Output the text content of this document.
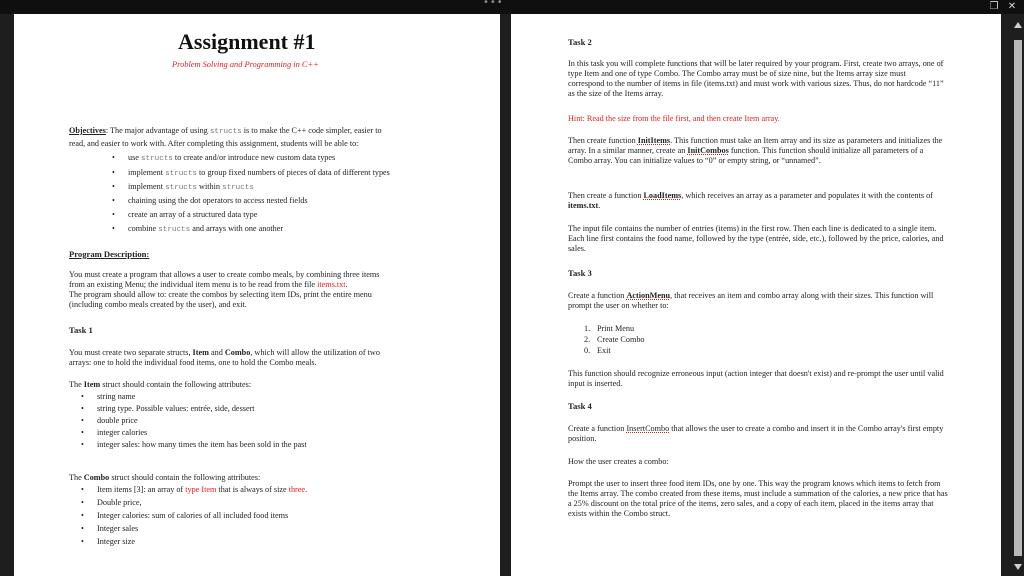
•••	❐ ✕
Assignment #1
Problem Solving and Programming in C++
Objectives: The major advantage of using structs is to make the C++ code simpler, easier to
read, and easier to work with. After completing this assignment, students will be able to:
• use structs to create and/or introduce new custom data types
• implement structs to group fixed numbers of pieces of data of different types
• implement structs within structs
• chaining using the dot operators to access nested fields
• create an array of a structured data type
• combine structs and arrays with one another
Program Description:
You must create a program that allows a user to create combo meals, by combining three items
from an existing Menu; the individual item menu is to be read from the file items.txt.
The program should allow to: create the combos by selecting item IDs, print the entire menu
(including combo meals created by the user), and exit.
Task 1
You must create two separate structs, Item and Combo, which will allow the utilization of two
arrays: one to hold the individual food items, one to hold the Combo meals.
The Item struct should contain the following attributes:
• string name
• string type. Possible values: entrée, side, dessert
• double price
• integer calories
• integer sales: how many times the item has been sold in the past
The Combo struct should contain the following attributes:
• Item items [3]: an array of type Item that is always of size three.
• Double price,
• Integer calories: sum of calories of all included food items
• Integer sales
• Integer size
Task 2
In this task you will complete functions that will be later required by your program. First, create two arrays, one of type Item and one of type Combo. The Combo array must be of size nine, but the Items array size must correspond to the number of items in file (items.txt) and must work with various sizes. Thus, do not hardcode “11” as the size of the Items array.
Hint: Read the size from the file first, and then create Item array.
Then create function InitItems. This function must take an Item array and its size as parameters and initializes the array. In a similar manner, create an InitCombos function. This function should initialize all parameters of a Combo array. You can initialize values to “0” or empty string, or “unnamed”.
Then create a function LoadItems, which receives an array as a parameter and populates it with the contents of items.txt.
The input file contains the number of entries (items) in the first row. Then each line is dedicated to a single item. Each line first contains the food name, followed by the type (entrée, side, etc.), followed by the price, calories, and sales.
Task 3
Create a function ActionMenu, that receives an item and combo array along with their sizes. This function will prompt the user on whether to:
1. Print Menu
2. Create Combo
0. Exit
This function should recognize erroneous input (action integer that doesn't exist) and re-prompt the user until valid input is inserted.
Task 4
Create a function InsertCombo that allows the user to create a combo and insert it in the Combo array's first empty position.
How the user creates a combo:
Prompt the user to insert three food item IDs, one by one. This way the program knows which items to fetch from the Items array. The combo created from these items, must include a summation of the calories, a new price that has a 25% discount on the total price of the items, zero sales, and a copy of each item, placed in the items array that exists within the Combo struct.
